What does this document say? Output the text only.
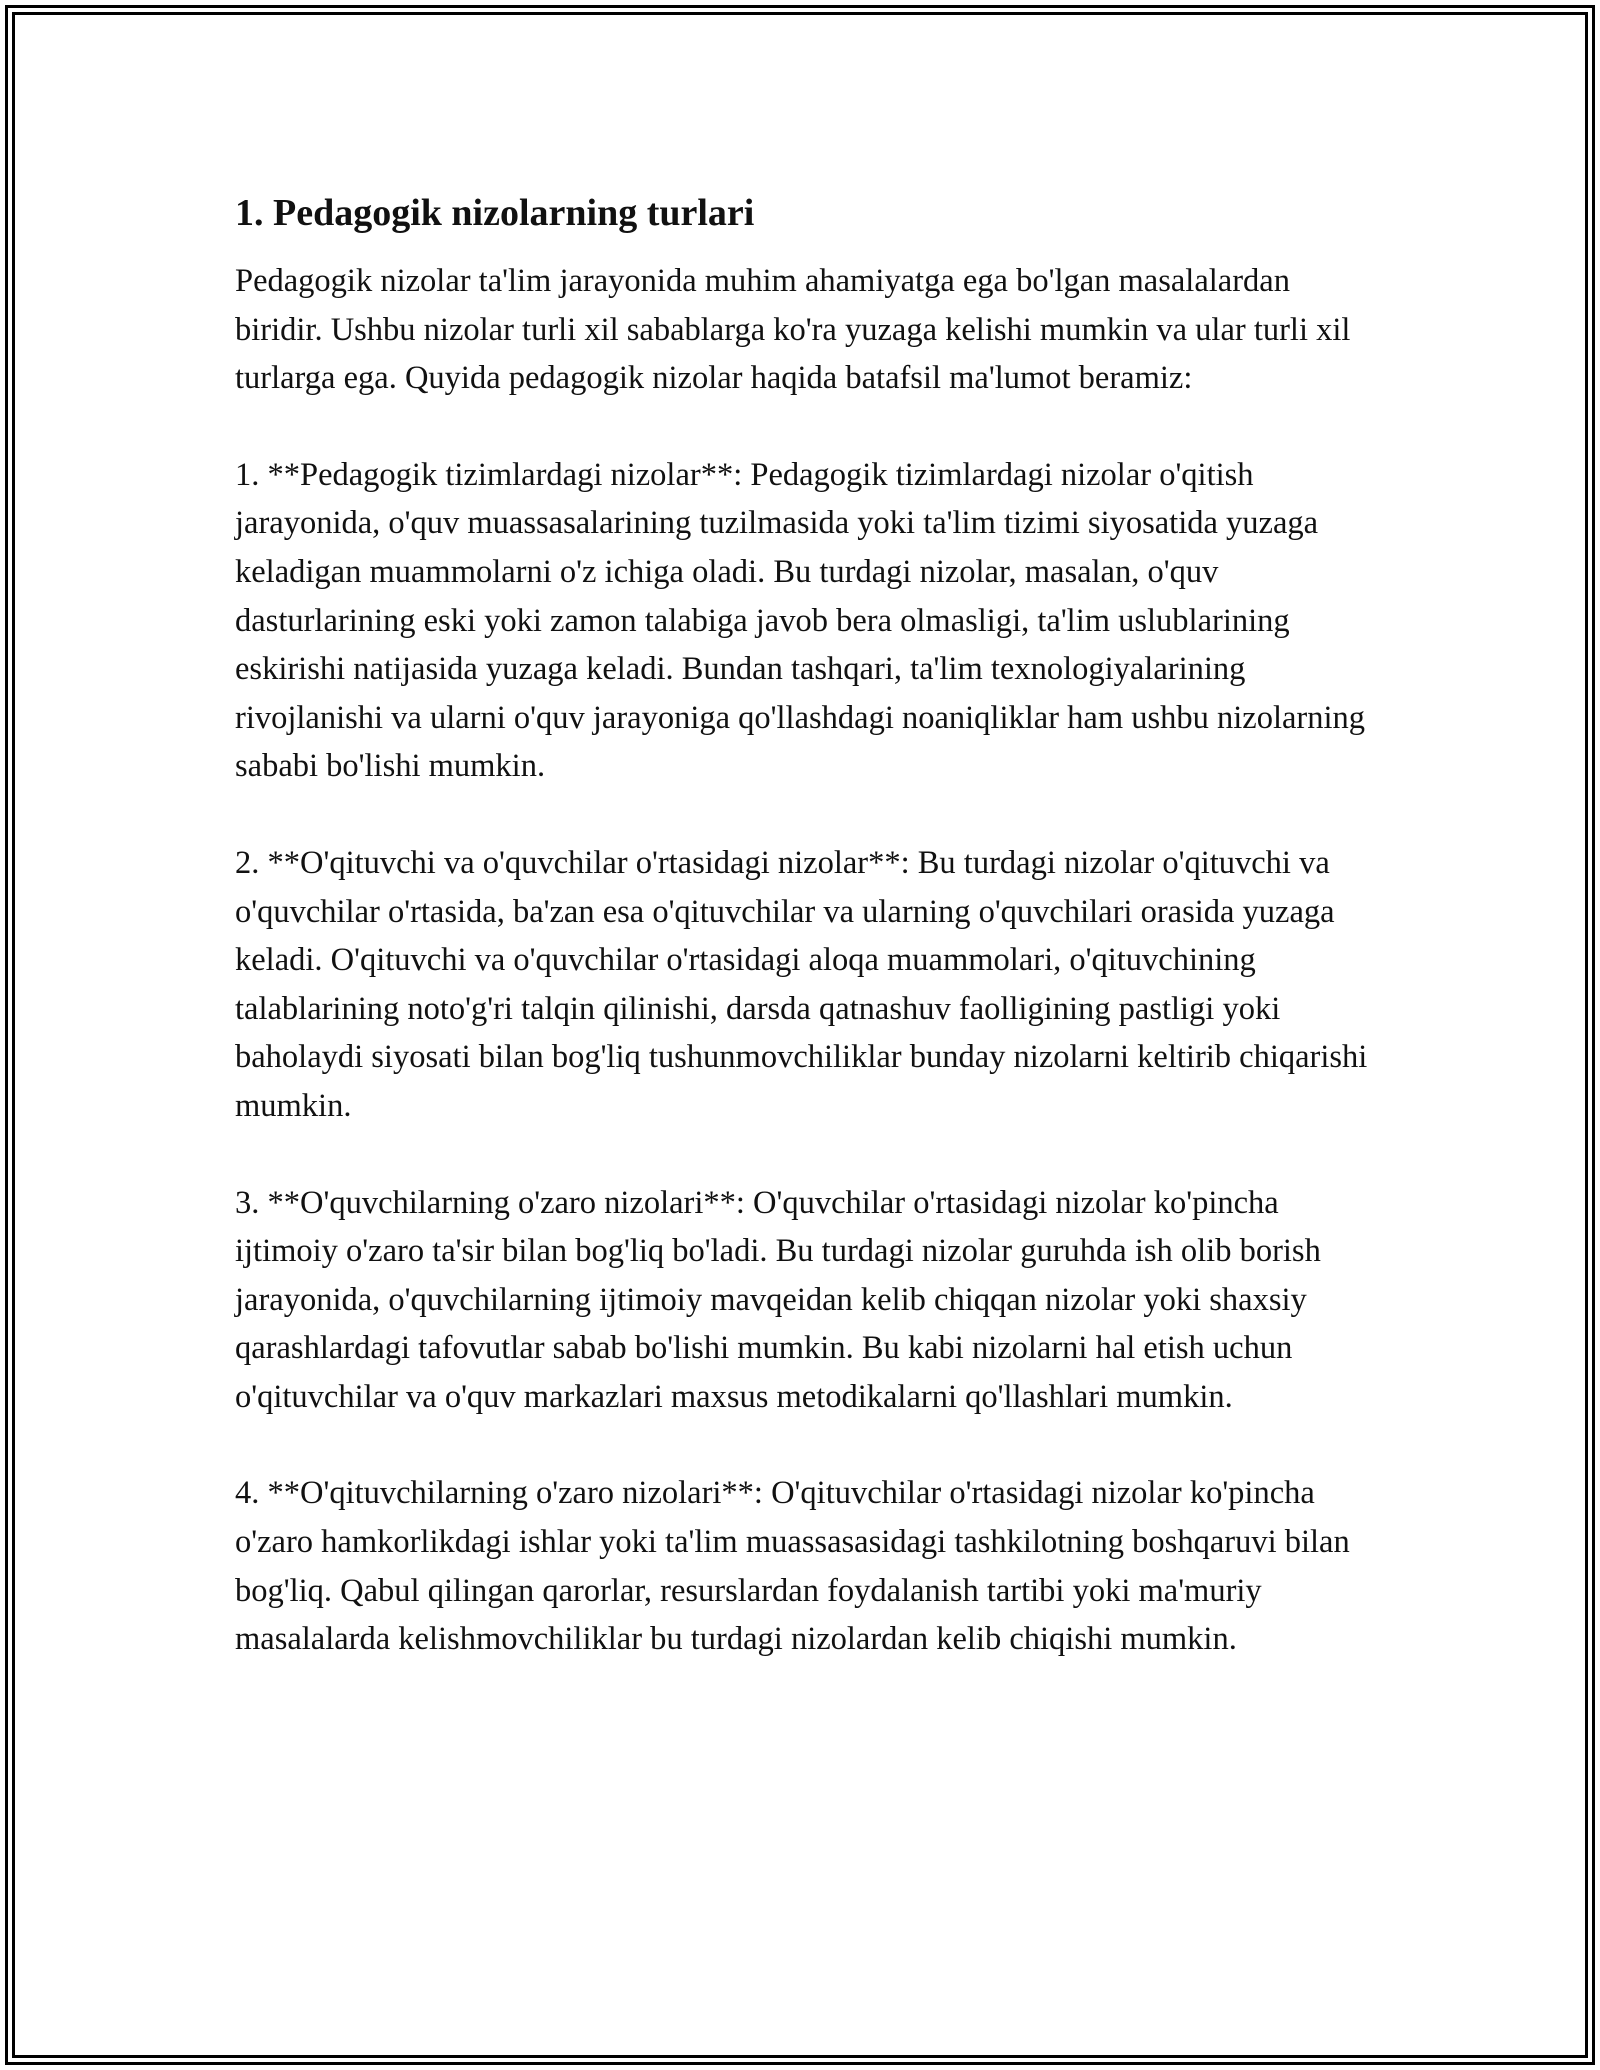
1. Pedagogik nizolarning turlari

Pedagogik nizolar ta'lim jarayonida muhim ahamiyatga ega bo'lgan masalalardan biridir. Ushbu nizolar turli xil sabablarga ko'ra yuzaga kelishi mumkin va ular turli xil turlarga ega. Quyida pedagogik nizolar haqida batafsil ma'lumot beramiz:

1. **Pedagogik tizimlardagi nizolar**: Pedagogik tizimlardagi nizolar o'qitish jarayonida, o'quv muassasalarining tuzilmasida yoki ta'lim tizimi siyosatida yuzaga keladigan muammolarni o'z ichiga oladi. Bu turdagi nizolar, masalan, o'quv dasturlarining eski yoki zamon talabiga javob bera olmasligi, ta'lim uslublarining eskirishi natijasida yuzaga keladi. Bundan tashqari, ta'lim texnologiyalarining rivojlanishi va ularni o'quv jarayoniga qo'llashdagi noaniqliklar ham ushbu nizolarning sababi bo'lishi mumkin.

2. **O'qituvchi va o'quvchilar o'rtasidagi nizolar**: Bu turdagi nizolar o'qituvchi va o'quvchilar o'rtasida, ba'zan esa o'qituvchilar va ularning o'quvchilari orasida yuzaga keladi. O'qituvchi va o'quvchilar o'rtasidagi aloqa muammolari, o'qituvchining talablarining noto'g'ri talqin qilinishi, darsda qatnashuv faolligining pastligi yoki baholaydi siyosati bilan bog'liq tushunmovchiliklar bunday nizolarni keltirib chiqarishi mumkin.

3. **O'quvchilarning o'zaro nizolari**: O'quvchilar o'rtasidagi nizolar ko'pincha ijtimoiy o'zaro ta'sir bilan bog'liq bo'ladi. Bu turdagi nizolar guruhda ish olib borish jarayonida, o'quvchilarning ijtimoiy mavqeidan kelib chiqqan nizolar yoki shaxsiy qarashlardagi tafovutlar sabab bo'lishi mumkin. Bu kabi nizolarni hal etish uchun o'qituvchilar va o'quv markazlari maxsus metodikalarni qo'llashlari mumkin.

4. **O'qituvchilarning o'zaro nizolari**: O'qituvchilar o'rtasidagi nizolar ko'pincha o'zaro hamkorlikdagi ishlar yoki ta'lim muassasasidagi tashkilotning boshqaruvi bilan bog'liq. Qabul qilingan qarorlar, resurslardan foydalanish tartibi yoki ma'muriy masalalarda kelishmovchiliklar bu turdagi nizolardan kelib chiqishi mumkin.
